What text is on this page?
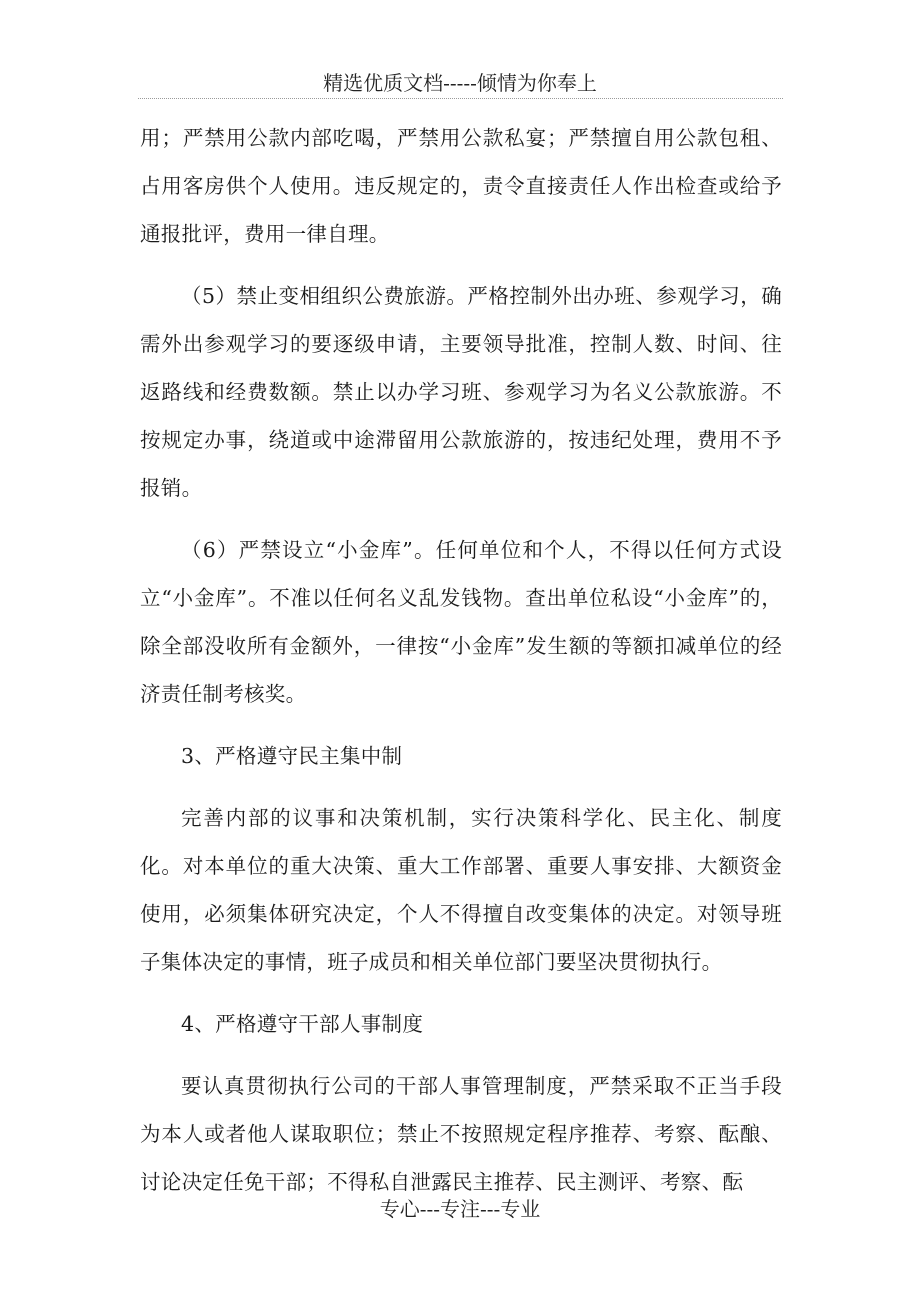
精选优质文档-----倾情为你奉上

用；严禁用公款内部吃喝，严禁用公款私宴；严禁擅自用公款包租、占用客房供个人使用。违反规定的，责令直接责任人作出检查或给予通报批评，费用一律自理。

（5）禁止变相组织公费旅游。严格控制外出办班、参观学习，确需外出参观学习的要逐级申请，主要领导批准，控制人数、时间、往返路线和经费数额。禁止以办学习班、参观学习为名义公款旅游。不按规定办事，绕道或中途滞留用公款旅游的，按违纪处理，费用不予报销。

（6）严禁设立“小金库”。任何单位和个人，不得以任何方式设立“小金库”。不准以任何名义乱发钱物。查出单位私设“小金库”的，除全部没收所有金额外，一律按“小金库”发生额的等额扣减单位的经济责任制考核奖。

3、严格遵守民主集中制

完善内部的议事和决策机制，实行决策科学化、民主化、制度化。对本单位的重大决策、重大工作部署、重要人事安排、大额资金使用，必须集体研究决定，个人不得擅自改变集体的决定。对领导班子集体决定的事情，班子成员和相关单位部门要坚决贯彻执行。

4、严格遵守干部人事制度

要认真贯彻执行公司的干部人事管理制度，严禁采取不正当手段为本人或者他人谋取职位；禁止不按照规定程序推荐、考察、酝酿、讨论决定任免干部；不得私自泄露民主推荐、民主测评、考察、酝

专心---专注---专业
